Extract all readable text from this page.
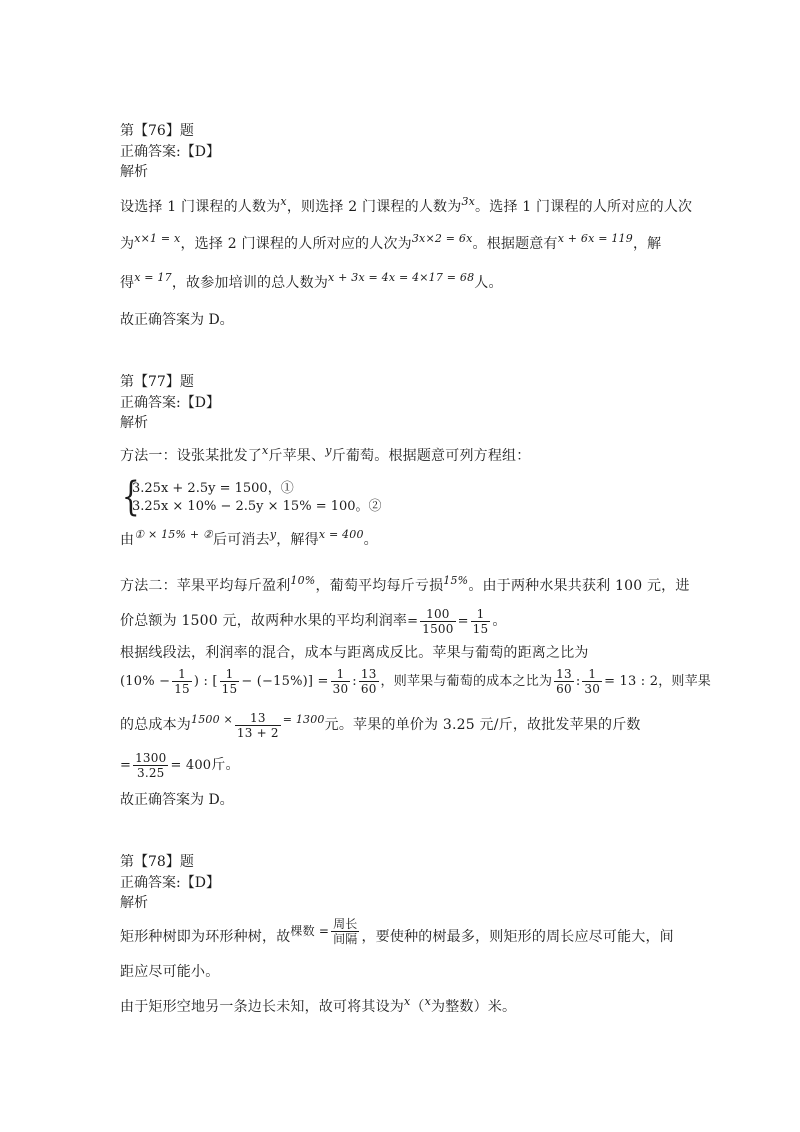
第【76】题
正确答案:【D】
解析
设选择 1 门课程的人数为$^x$，则选择 2 门课程的人数为$^{3x}$。选择 1 门课程的人所对应的人次
为$^{x\times 1 = x}$，选择 2 门课程的人所对应的人次为$^{3x\times 2 = 6x}$。根据题意有$^{x + 6x = 119}$，解
得$^{x = 17}$，故参加培训的总人数为$^{x + 3x = 4x = 4\times 17 = 68}$人。
故正确答案为 D。
第【77】题
正确答案:【D】
解析
方法一：设张某批发了$^x$斤苹果、$^y$斤葡萄。根据题意可列方程组：
{
3.25x + 2.5y = 1500，①
3.25x × 10% − 2.5y × 15% = 100。②
由$^{① \times 15\% + ②}$后可消去$^y$，解得$^{x = 400}$。
方法二：苹果平均每斤盈利$^{10\%}$，葡萄平均每斤亏损$^{15\%}$。由于两种水果共获利 100 元，进
价总额为 1500 元，故两种水果的平均利润率= $\frac{100}{1500} = \frac{1}{15}$ 。
根据线段法，利润率的混合，成本与距离成反比。苹果与葡萄的距离之比为
($10\% - \frac{1}{15}$ ) : [ $\frac{1}{15} - (-15\%)] = \frac{1}{30}$ : $\frac{13}{60}$ ，则苹果与葡萄的成本之比为 $\frac{13}{60}$ : $\frac{1}{30} = 13$ : 2，则苹果
的总成本为$^{1500 \times} \frac{13}{13 + 2} ^{= 1300}$元。苹果的单价为 3.25 元/斤，故批发苹果的斤数
= $\frac{1300}{3.25} = 400$斤。
故正确答案为 D。
第【78】题
正确答案:【D】
解析
矩形种树即为环形种树，故棵数 = $\frac{\text{周长}}{\text{间隔}}$ ，要使种的树最多，则矩形的周长应尽可能大，间
距应尽可能小。
由于矩形空地另一条边长未知，故可将其设为$^x$（$^x$为整数）米。
